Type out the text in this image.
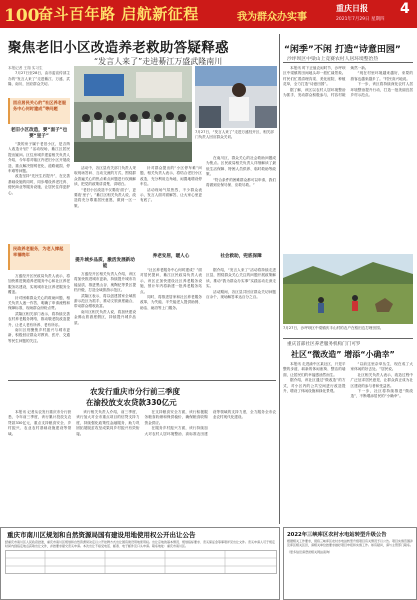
100
奋斗百年路 启航新征程	我为群众办实事
重庆日报
2021年7月29日 星期四
4
聚焦老旧小区改造养老救助答疑释惑
“发言人来了”走进綦江万盛武隆南川
“闲季”不闲 打造“诗意田园”
沙坪坝区中梁山上竞赛农村人居环境整治热
本报记者 王翔 实习生
7月27日至28日，由市委宣传部主办的“发言人来了”走进綦江、万盛、武隆、南川，回应群众关切。
回应居民关心的“社区养老服务中心何时建成”等问题
老旧小区改造，要“面子”也要“里子”
“我的房子属于老旧小区，是否纳入改造计划？”活动现场，綦江区居民提出疑问。区住房城乡建委相关负责人介绍，今年将对辖区内老旧小区开展改造，重点解决管网老化、道路破损、停车难等问题。
改造坚持“先民生后提升”，在完善基础设施的同时，同步增设养老托育、便民商业等服务设施，让居民住得更舒心。
民政养老服务，为老人撑起幸福晚年
万盛经开区民政局负责人表示，将加快推进街道养老服务中心和社区养老服务站建设，实现城市社区养老服务全覆盖。
针对困难群众关心的救助问题，相关负责人逐一作答，明确了申请流程和保障标准，现场群众纷纷点赞。
武隆区相关部门表示，将持续完善农村养老服务网络，推动敬老院改造提升，让老人老有所养、老有所乐。
南川区则聚焦乡村振兴与城市更新，积极回应群众对教育、医疗、交通等民生问题的关注。
7月27日，“发言人来了”走进万盛经开区，相关部门负责人回应群众关切。
活动中，各区县有关部门负责人采取现场答问、互动交流的方式，围绕群众普遍关心的热点难点问题进行权威解读，把党的政策讲清楚、讲明白。
“老旧小区改造不仅要改‘面子’，更要改‘里子’。”綦江区相关负责人说，改造将充分尊重居民意愿，做到一区一策。
提升城乡品质，激活发展新动能
万盛经开区相关负责人介绍，该区将加快推进城市更新，持续提升城市功能品质，推进黑山谷、奥陶纪等景区提档升级，打造全域旅游示范区。
武隆区表示，将以创建国家全域旅游示范区为抓手，推动文旅深度融合，带动群众增收致富。
南川区相关负责人说，将加快建设金佛山旅游度假区，持续提升城乡品质。
针对群众提出的“小区停车难”问题，相关负责人表示，将结合老旧小区改造，充分利用边角地、闲置地增设停车位。
活动现场气氛热烈，不少群众表示，发言人面对面解答，让大家心里更有底了。
养老安居，暖人心
“社区养老服务中心何时建成？”面对居民提问，綦江区民政局负责人表示，该区正加快建设社区养老服务设施，预计年内将新建一批养老服务站点。
同时，将推进居家和社区养老服务改革，为失能、半失能老人提供助餐、助洁、助浴等上门服务。
在南川区，群众关心的社会救助问题成为焦点。区民政局相关负责人详细解读了最低生活保障、特困人员供养、临时救助等政策。
“符合条件的困难群众都可以申请，我们将做到应保尽保、应救尽救。”
社会救助，兜底保障
据介绍，“发言人来了”活动将持续走进区县，围绕群众关心关注的问题开展政策解读，推动“我为群众办实事”实践活动走深走实。
活动期间，各区县共回应群众关切问题百余个，现场解答率达百分之百。
农发行重庆市分行前三季度
在渝投放支农贷款330亿元
本报讯 记者从农发行重庆市分行获悉，今年前三季度，该行累计投放支农贷款330亿元，重点支持粮食安全、乡村振兴、农业农村基础设施建设等领域。
该行相关负责人介绍，前三季度，该行加大对全市重点项目的信贷支持力度，持续强化政策性金融服务，助力巩固拓展脱贫攻坚成果同乡村振兴有效衔接。
在支持粮食安全方面，该行积极服务粮食收储和保供稳价，确保粮食收购资金供应。
在服务乡村振兴方面，该行持续加大对农村人居环境整治、高标准农田建设等领域的支持力度，全力服务全市农业农村现代化建设。
本报讯 时下正值农闲时节，沙坪坝区中梁镇的田间地头却一派忙碌景象。村民们忙着清理沟渠、美化庭院、种植花草，全力打造“诗意田园”。
据了解，该区以农村人居环境整治为抓手，发动群众积极参与，村容村貌焕然一新。
“现在村里环境越来越好，来耍的游客也越来越多了。”村民高兴地说。
下一步，该区将持续深化农村人居环境整治提升行动，打造一批美丽宜居乡村示范点。
7月27日，沙坪坝区中梁镇庆丰山村的农户在稻田边打理田园。
重庆首部社区养老服务机构门门可罗
社区“微改造” 增添“小确幸”
本报讯 走进渝中区某社区，只见平整的步道、崭新的休闲座椅、整洁的墙面，让居民们的幸福感油然而生。
据介绍，该社区通过“微改造”的方式，对小区内的公共空间进行改造提升，增设了休闲设施和绿化景观。
“以前这里杂草丛生，现在成了大家休闲的好去处。”居民说。
社区相关负责人表示，改造过程中广泛征求居民意见，让群众真正成为社区建设的参与者和受益者。
下一步，社区将持续推进“微改造”，不断增添居民的“小确幸”。
重庆市南川区规划和自然资源局国有建设用地使用权公开出让公告
经重庆市南川区人民政府批准，重庆市南川区规划和自然资源局决定以公开挂牌方式出让国有建设用地使用权。出让宗地的基本情况、规划指标要求、竞买保证金等事项详见出让文件。竞买申请人可于规定时间内到指定地点获取出让文件，并按要求提交竞买申请。本次出让不接受电话、邮寄、电子邮件及口头申请。联系地址：重庆市南川区。
2022年三峡库区农村水电站转型升级公告
根据相关工作要求，现将三峡库区农村水电站转型升级项目有关情况予以公告。项目实施范围涉及库区相关区县，请相关单位按要求做好项目申报和实施工作。如有疑问，请与主管部门联系。
（更多信息请登录相关网站查询）
